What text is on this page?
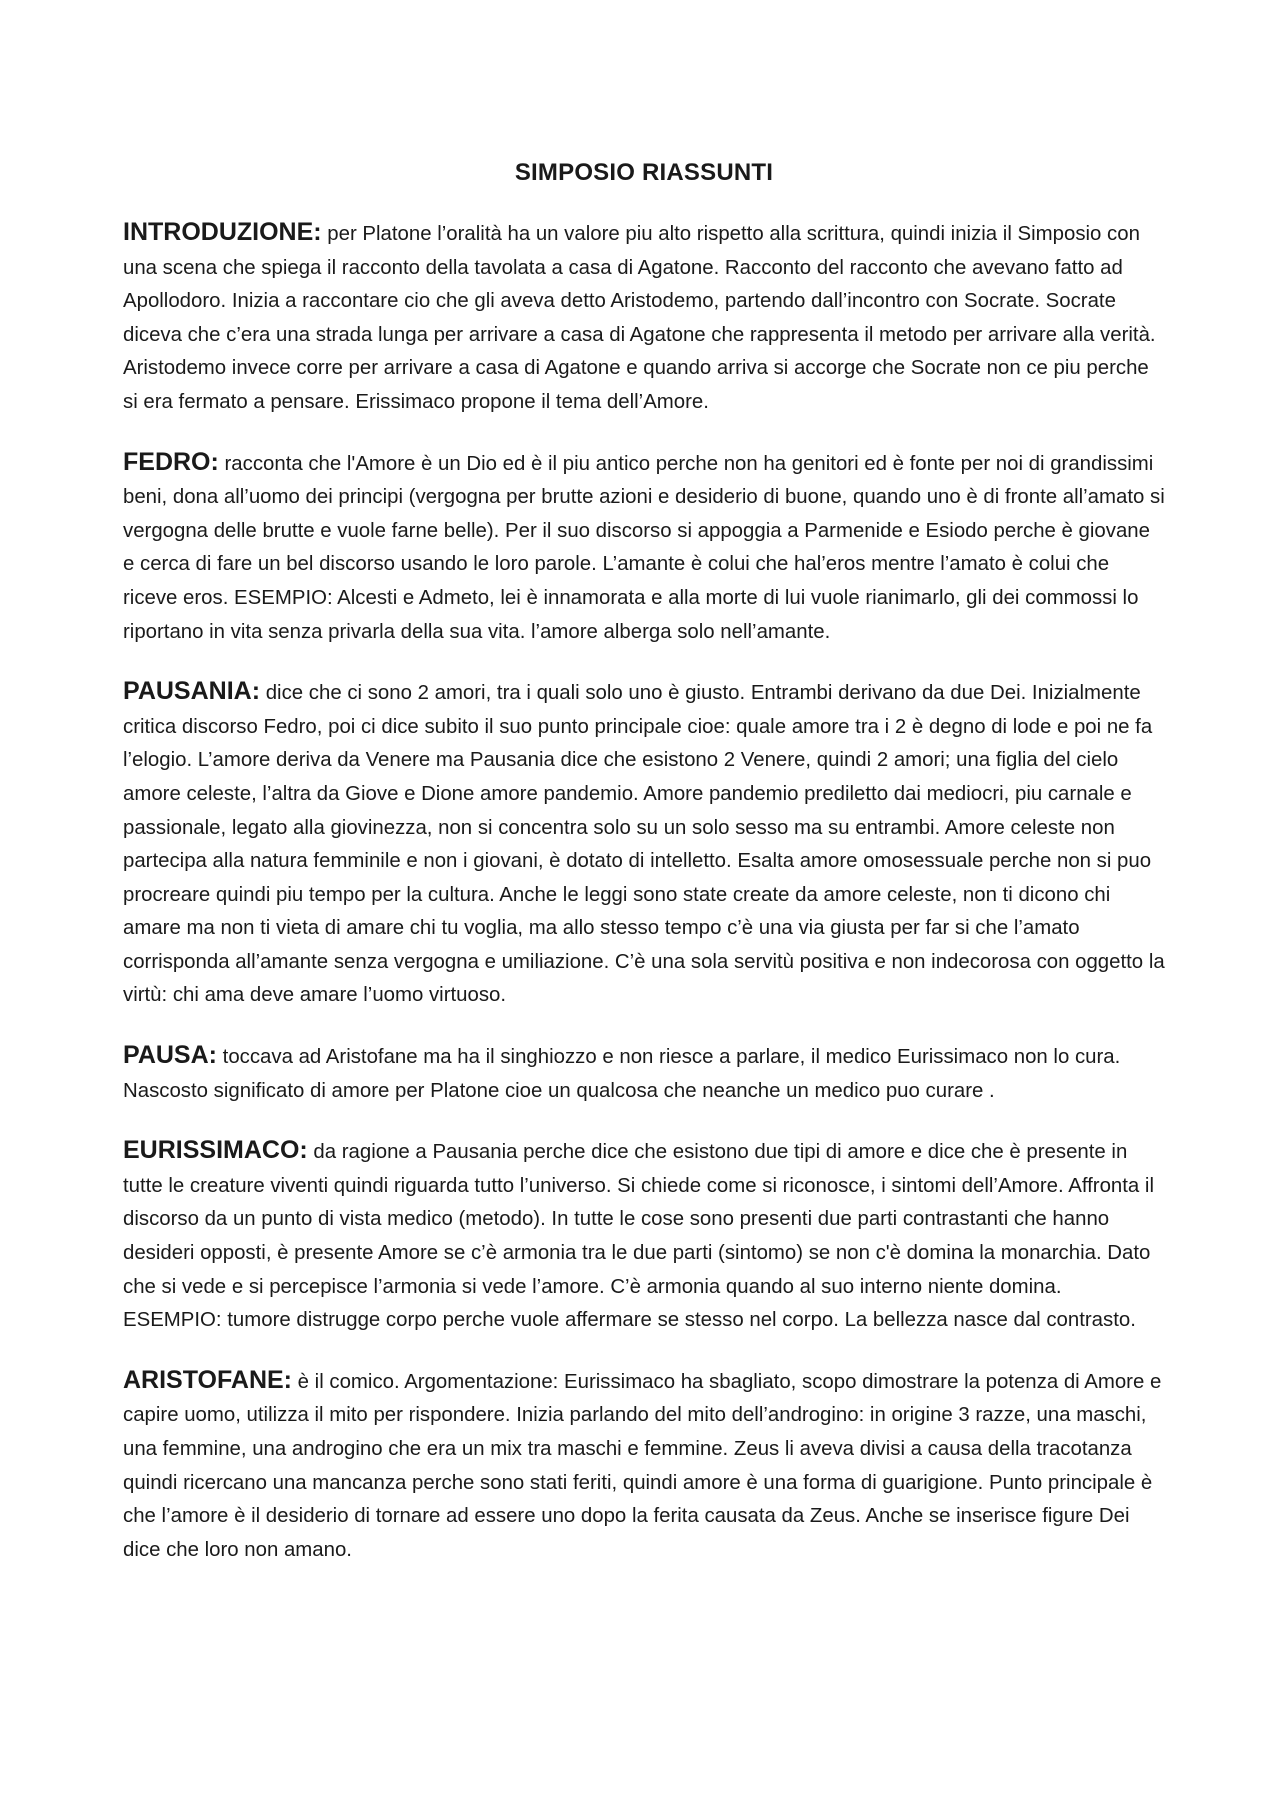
SIMPOSIO RIASSUNTI

INTRODUZIONE: per Platone l’oralità ha un valore piu alto rispetto alla scrittura, quindi inizia il Simposio con una scena che spiega il racconto della tavolata a casa di Agatone. Racconto del racconto che avevano fatto ad Apollodoro. Inizia a raccontare cio che gli aveva detto Aristodemo, partendo dall’incontro con Socrate. Socrate diceva che c’era una strada lunga per arrivare a casa di Agatone che rappresenta il metodo per arrivare alla verità. Aristodemo invece corre per arrivare a casa di Agatone e quando arriva si accorge che Socrate non ce piu perche si era fermato a pensare. Erissimaco propone il tema dell’Amore.

FEDRO: racconta che l'Amore è un Dio ed è il piu antico perche non ha genitori ed è fonte per noi di grandissimi beni, dona all’uomo dei principi (vergogna per brutte azioni e desiderio di buone, quando uno è di fronte all’amato si vergogna delle brutte e vuole farne belle). Per il suo discorso si appoggia a Parmenide e Esiodo perche è giovane e cerca di fare un bel discorso usando le loro parole. L’amante è colui che hal’eros mentre l’amato è colui che riceve eros. ESEMPIO: Alcesti e Admeto, lei è innamorata e alla morte di lui vuole rianimarlo, gli dei commossi lo riportano in vita senza privarla della sua vita. l’amore alberga solo nell’amante.

PAUSANIA: dice che ci sono 2 amori, tra i quali solo uno è giusto. Entrambi derivano da due Dei. Inizialmente critica discorso Fedro, poi ci dice subito il suo punto principale cioe: quale amore tra i 2 è degno di lode e poi ne fa l’elogio. L’amore deriva da Venere ma Pausania dice che esistono 2 Venere, quindi 2 amori; una figlia del cielo amore celeste, l’altra da Giove e Dione amore pandemio. Amore pandemio prediletto dai mediocri, piu carnale e passionale, legato alla giovinezza, non si concentra solo su un solo sesso ma su entrambi. Amore celeste non partecipa alla natura femminile e non i giovani, è dotato di intelletto. Esalta amore omosessuale perche non si puo procreare quindi piu tempo per la cultura. Anche le leggi sono state create da amore celeste, non ti dicono chi amare ma non ti vieta di amare chi tu voglia, ma allo stesso tempo c’è una via giusta per far si che l’amato corrisponda all’amante senza vergogna e umiliazione. C’è una sola servitù positiva e non indecorosa con oggetto la virtù: chi ama deve amare l’uomo virtuoso.

PAUSA: toccava ad Aristofane ma ha il singhiozzo e non riesce a parlare, il medico Eurissimaco non lo cura. Nascosto significato di amore per Platone cioe un qualcosa che neanche un medico puo curare .

EURISSIMACO: da ragione a Pausania perche dice che esistono due tipi di amore e dice che è presente in tutte le creature viventi quindi riguarda tutto l’universo. Si chiede come si riconosce, i sintomi dell’Amore. Affronta il discorso da un punto di vista medico (metodo). In tutte le cose sono presenti due parti contrastanti che hanno desideri opposti, è presente Amore se c’è armonia tra le due parti (sintomo) se non c'è domina la monarchia. Dato che si vede e si percepisce l’armonia si vede l’amore. C’è armonia quando al suo interno niente domina. ESEMPIO: tumore distrugge corpo perche vuole affermare se stesso nel corpo. La bellezza nasce dal contrasto.

ARISTOFANE: è il comico. Argomentazione: Eurissimaco ha sbagliato, scopo dimostrare la potenza di Amore e capire uomo, utilizza il mito per rispondere. Inizia parlando del mito dell’androgino: in origine 3 razze, una maschi, una femmine, una androgino che era un mix tra maschi e femmine. Zeus li aveva divisi a causa della tracotanza quindi ricercano una mancanza perche sono stati feriti, quindi amore è una forma di guarigione. Punto principale è che l’amore è il desiderio di tornare ad essere uno dopo la ferita causata da Zeus. Anche se inserisce figure Dei dice che loro non amano.
